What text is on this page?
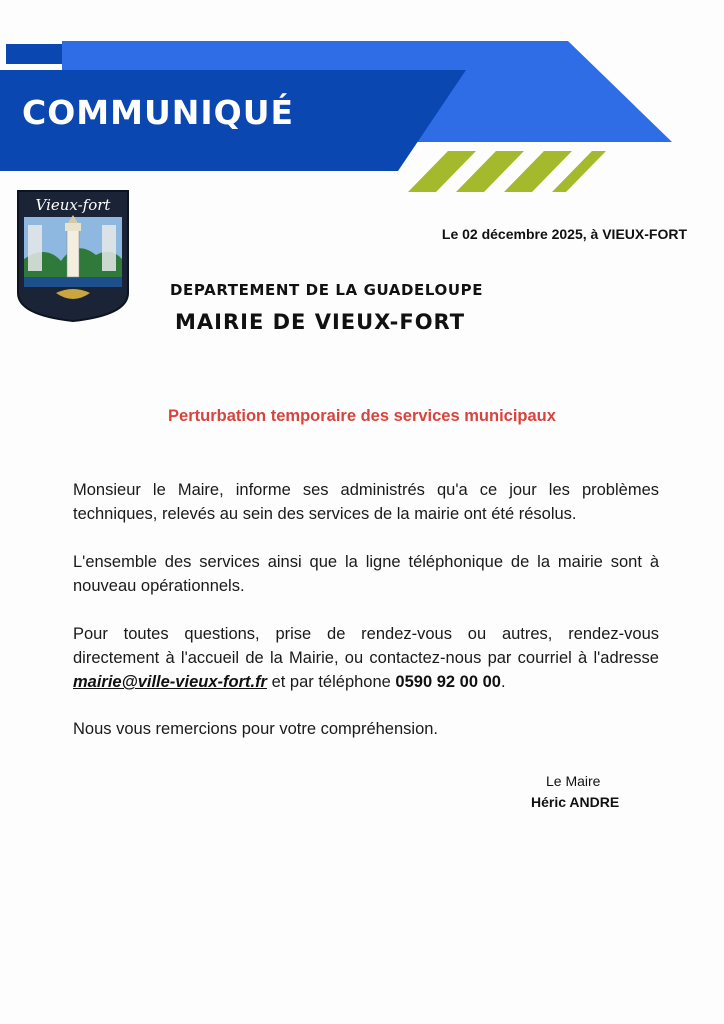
COMMUNIQUÉ
Vieux-fort
Le 02 décembre 2025, à VIEUX-FORT
DEPARTEMENT DE LA GUADELOUPE
MAIRIE DE VIEUX-FORT
Perturbation temporaire des services municipaux
Monsieur le Maire, informe ses administrés qu'a ce jour les problèmes techniques, relevés au sein des services de la mairie ont été résolus.
L'ensemble des services ainsi que la ligne téléphonique de la mairie sont à nouveau opérationnels.
Pour toutes questions, prise de rendez-vous ou autres, rendez-vous directement à l'accueil de la Mairie, ou contactez-nous par courriel à l'adresse mairie@ville-vieux-fort.fr et par téléphone 0590 92 00 00.
Nous vous remercions pour votre compréhension.
Le Maire
Héric ANDRE
